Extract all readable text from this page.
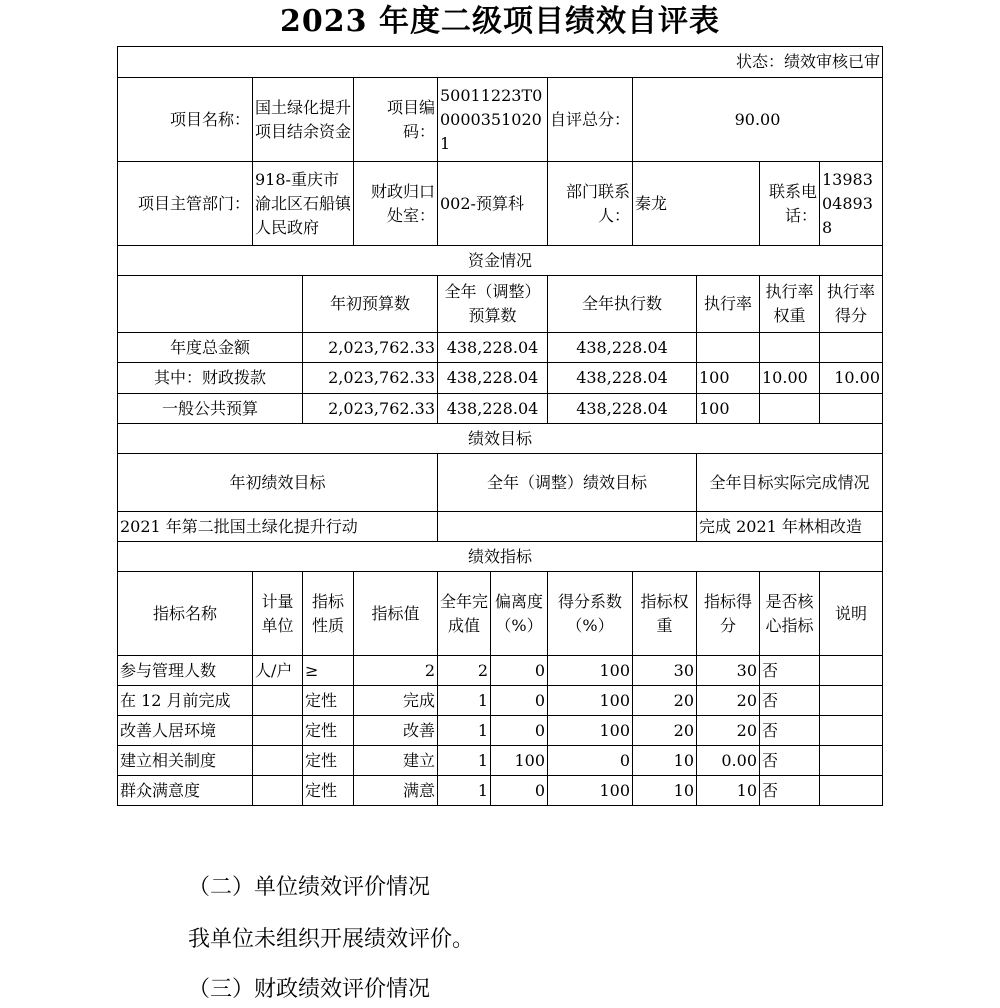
2023 年度二级项目绩效自评表
状态：绩效审核已审										
项目名称：	国土绿化提升项目结余资金		项目编码：	50011223T000003510201		自评总分：	90.00			
项目主管部门：	918-重庆市渝北区石船镇人民政府		财政归口处室：	002-预算科		部门联系人：	秦龙		联系电话：	13983048938
资金情况										
		年初预算数		全年（调整）预算数		全年执行数		执行率	执行率权重	执行率得分
年度总金额		2,023,762.33		438,228.04		438,228.04				
其中：财政拨款		2,023,762.33		438,228.04		438,228.04		100	10.00	10.00
一般公共预算		2,023,762.33		438,228.04		438,228.04		100		
绩效目标										
年初绩效目标				全年（调整）绩效目标				全年目标实际完成情况		
2021 年第二批国土绿化提升行动								完成 2021 年林相改造		
绩效指标										
指标名称	计量单位	指标性质	指标值	全年完成值	偏离度（%）	得分系数（%）	指标权重	指标得分	是否核心指标	说明
参与管理人数	人/户	≥	2	2	0	100	30	30	否	
在 12 月前完成		定性	完成	1	0	100	20	20	否	
改善人居环境		定性	改善	1	0	100	20	20	否	
建立相关制度		定性	建立	1	100	0	10	0.00	否	
群众满意度		定性	满意	1	0	100	10	10	否	
（二）单位绩效评价情况
我单位未组织开展绩效评价。
（三）财政绩效评价情况
